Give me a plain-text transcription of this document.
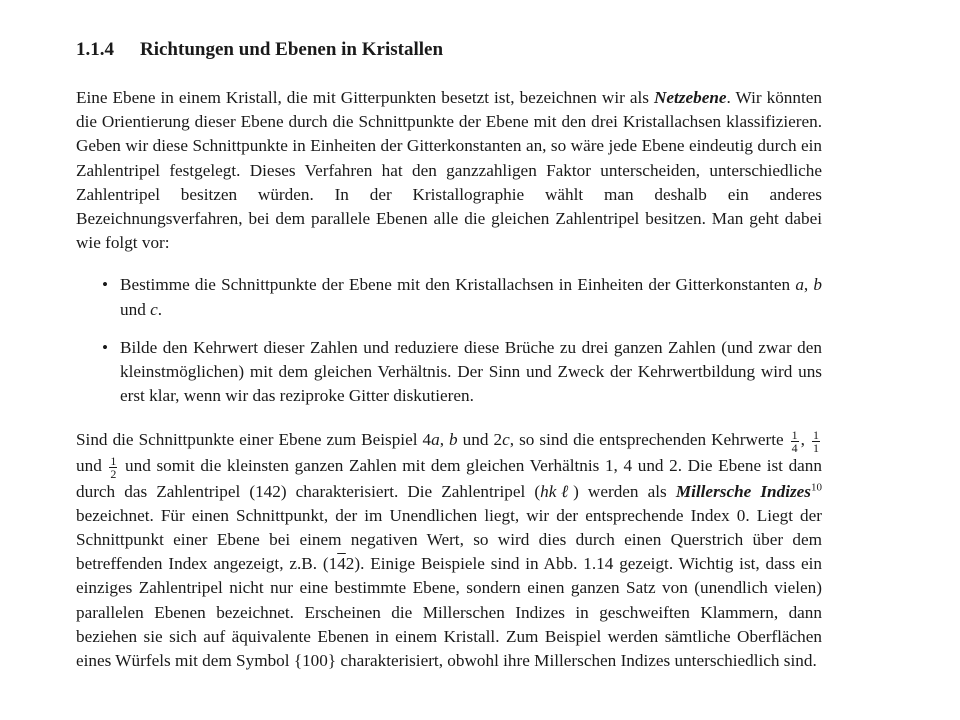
1.1.4 Richtungen und Ebenen in Kristallen

Eine Ebene in einem Kristall, die mit Gitterpunkten besetzt ist, bezeichnen wir als Netzebene. Wir könnten die Orientierung dieser Ebene durch die Schnittpunkte der Ebene mit den drei Kristallachsen klassifizieren. Geben wir diese Schnittpunkte in Einheiten der Gitterkonstanten an, so wäre jede Ebene eindeutig durch ein Zahlentripel festgelegt. Dieses Verfahren hat den ganzzahligen Faktor unterscheiden, unterschiedliche Zahlentripel besitzen würden. In der Kristallographie wählt man deshalb ein anderes Bezeichnungsverfahren, bei dem parallele Ebenen alle die gleichen Zahlentripel besitzen. Man geht dabei wie folgt vor:

• Bestimme die Schnittpunkte der Ebene mit den Kristallachsen in Einheiten der Gitterkonstanten a, b und c.
• Bilde den Kehrwert dieser Zahlen und reduziere diese Brüche zu drei ganzen Zahlen (und zwar den kleinstmöglichen) mit dem gleichen Verhältnis. Der Sinn und Zweck der Kehrwertbildung wird uns erst klar, wenn wir das reziproke Gitter diskutieren.

Sind die Schnittpunkte einer Ebene zum Beispiel 4a, b und 2c, so sind die entsprechenden Kehrwerte $\frac{1}{4}$ , $\frac{1}{1}$
und $\frac{1}{2}$ und somit die kleinsten ganzen Zahlen mit dem gleichen Verhältnis 1, 4 und 2. Die Ebene ist dann durch das Zahlentripel (142) charakterisiert. Die Zahlentripel (hkℓ) werden als Millersche Indizes$^{10}$ bezeichnet. Für einen Schnittpunkt, der im Unendlichen liegt, wir der entsprechende Index 0. Liegt der Schnittpunkt einer Ebene bei einem negativen Wert, so wird dies durch einen Querstrich über dem betreffenden Index angezeigt, z.B. (142). Einige Beispiele sind in Abb. 1.14 gezeigt. Wichtig ist, dass ein einziges Zahlentripel nicht nur eine bestimmte Ebene, sondern einen ganzen Satz von (unendlich vielen) parallelen Ebenen bezeichnet. Erscheinen die Millerschen Indizes in geschweiften Klammern, dann beziehen sie sich auf äquivalente Ebenen in einem Kristall. Zum Beispiel werden sämtliche Oberflächen eines Würfels mit dem Symbol {100} charakterisiert, obwohl ihre Millerschen Indizes unterschiedlich sind.
